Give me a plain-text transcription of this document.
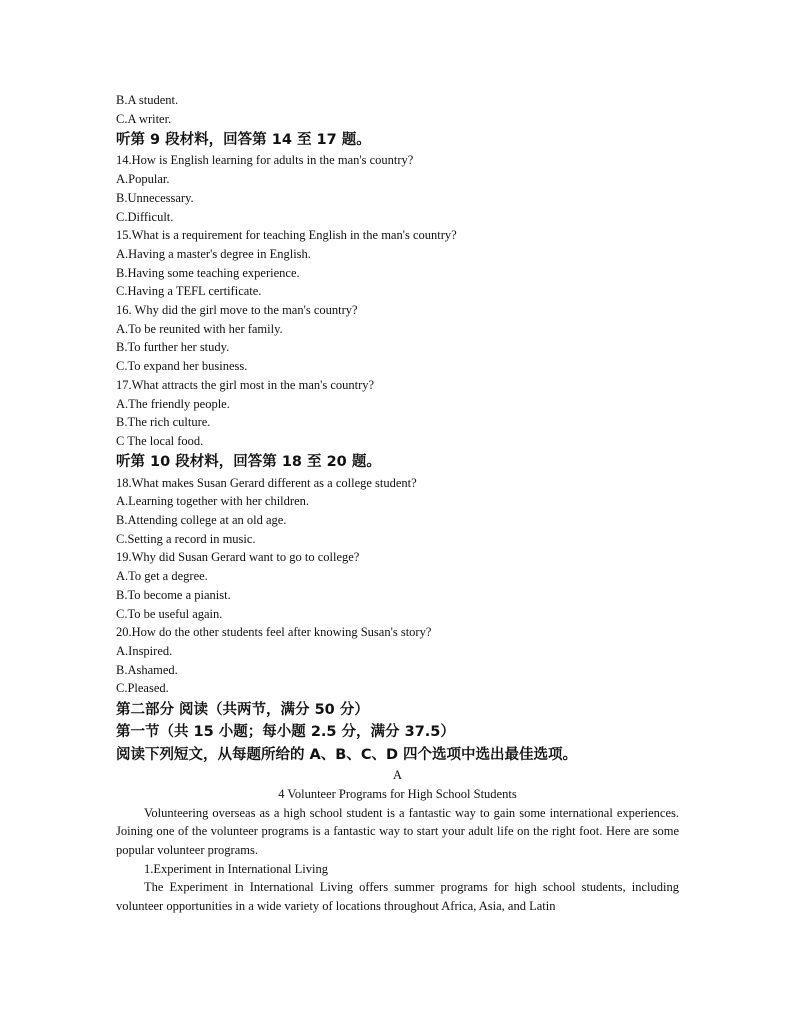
B.A student.
C.A writer.
听第 9 段材料，回答第 14 至 17 题。
14.How is English learning for adults in the man's country?
A.Popular.
B.Unnecessary.
C.Difficult.
15.What is a requirement for teaching English in the man's country?
A.Having a master's degree in English.
B.Having some teaching experience.
C.Having a TEFL certificate.
16. Why did the girl move to the man's country?
A.To be reunited with her family.
B.To further her study.
C.To expand her business.
17.What attracts the girl most in the man's country?
A.The friendly people.
B.The rich culture.
C The local food.
听第 10 段材料，回答第 18 至 20 题。
18.What makes Susan Gerard different as a college student?
A.Learning together with her children.
B.Attending college at an old age.
C.Setting a record in music.
19.Why did Susan Gerard want to go to college?
A.To get a degree.
B.To become a pianist.
C.To be useful again.
20.How do the other students feel after knowing Susan's story?
A.Inspired.
B.Ashamed.
C.Pleased.
第二部分 阅读（共两节，满分 50 分）
第一节（共 15 小题；每小题 2.5 分，满分 37.5）
阅读下列短文，从每题所给的 A、B、C、D 四个选项中选出最佳选项。
A
4 Volunteer Programs for High School Students
Volunteering overseas as a high school student is a fantastic way to gain some international experiences. Joining one of the volunteer programs is a fantastic way to start your adult life on the right foot. Here are some popular volunteer programs.
1.Experiment in International Living
The Experiment in International Living offers summer programs for high school students, including volunteer opportunities in a wide variety of locations throughout Africa, Asia, and Latin
